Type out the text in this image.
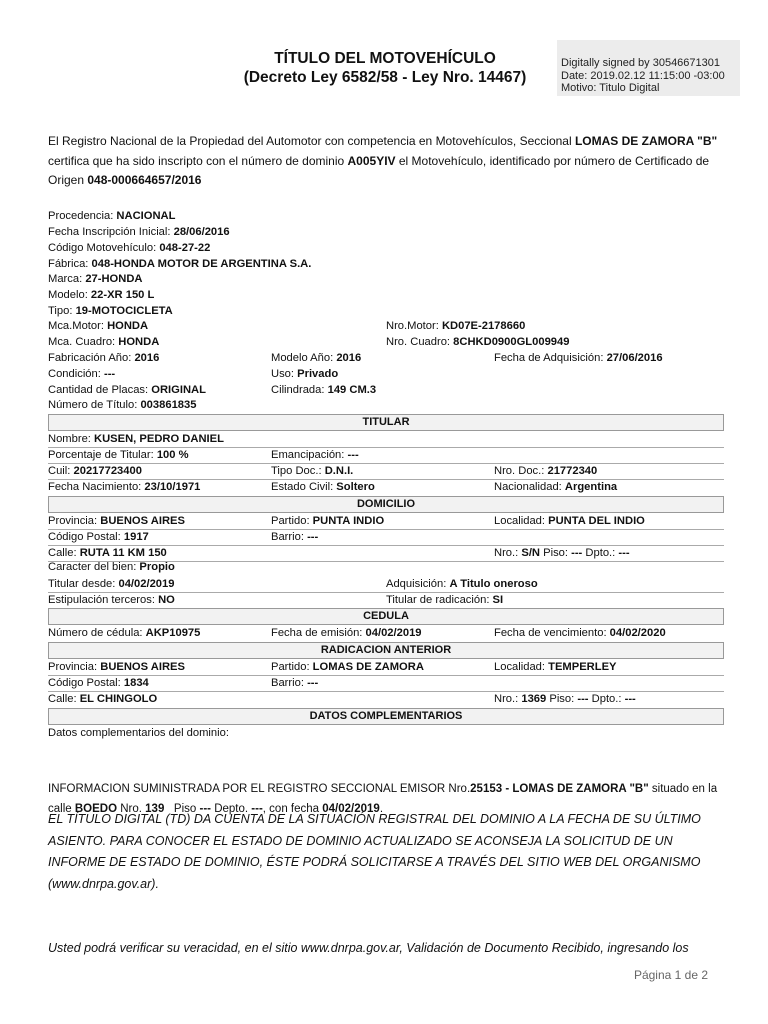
TÍTULO DEL MOTOVEHÍCULO
(Decreto Ley 6582/58 - Ley Nro. 14467)
Digitally signed by 30546671301
Date: 2019.02.12 11:15:00 -03:00
Motivo: Titulo Digital
El Registro Nacional de la Propiedad del Automotor con competencia en Motovehículos, Seccional LOMAS DE ZAMORA "B" certifica que ha sido inscripto con el número de dominio A005YIV el Motovehículo, identificado por número de Certificado de Origen 048-000664657/2016
Procedencia: NACIONAL
Fecha Inscripción Inicial: 28/06/2016
Código Motovehículo: 048-27-22
Fábrica: 048-HONDA MOTOR DE ARGENTINA S.A.
Marca: 27-HONDA
Modelo: 22-XR 150 L
Tipo: 19-MOTOCICLETA
Mca.Motor: HONDA	Nro.Motor: KD07E-2178660
Mca. Cuadro: HONDA	Nro. Cuadro: 8CHKD0900GL009949
Fabricación Año: 2016	Modelo Año: 2016	Fecha de Adquisición: 27/06/2016
Condición: ---	Uso: Privado
Cantidad de Placas: ORIGINAL	Cilindrada: 149 CM.3
Número de Título: 003861835
TITULAR
Nombre: KUSEN, PEDRO DANIEL
Porcentaje de Titular: 100 %	Emancipación: ---
Cuil: 20217723400	Tipo Doc.: D.N.I.	Nro. Doc.: 21772340
Fecha Nacimiento: 23/10/1971	Estado Civil: Soltero	Nacionalidad: Argentina
DOMICILIO
Provincia: BUENOS AIRES	Partido: PUNTA INDIO	Localidad: PUNTA DEL INDIO
Código Postal: 1917	Barrio: ---
Calle: RUTA 11 KM 150	Nro.: S/N Piso: --- Dpto.: ---
Caracter del bien: Propio
Titular desde: 04/02/2019	Adquisición: A Titulo oneroso
Estipulación terceros: NO	Titular de radicación: SI
CEDULA
Número de cédula: AKP10975	Fecha de emisión: 04/02/2019	Fecha de vencimiento: 04/02/2020
RADICACION ANTERIOR
Provincia: BUENOS AIRES	Partido: LOMAS DE ZAMORA	Localidad: TEMPERLEY
Código Postal: 1834	Barrio: ---
Calle: EL CHINGOLO	Nro.: 1369 Piso: --- Dpto.: ---
DATOS COMPLEMENTARIOS
Datos complementarios del dominio:
INFORMACION SUMINISTRADA POR EL REGISTRO SECCIONAL EMISOR Nro.25153 - LOMAS DE ZAMORA "B" situado en la calle BOEDO Nro. 139   Piso --- Depto. ---, con fecha 04/02/2019.
EL TÍTULO DIGITAL (TD) DA CUENTA DE LA SITUACIÓN REGISTRAL DEL DOMINIO A LA FECHA DE SU ÚLTIMO ASIENTO. PARA CONOCER EL ESTADO DE DOMINIO ACTUALIZADO SE ACONSEJA LA SOLICITUD DE UN INFORME DE ESTADO DE DOMINIO, ÉSTE PODRÁ SOLICITARSE A TRAVÉS DEL SITIO WEB DEL ORGANISMO (www.dnrpa.gov.ar).
Usted podrá verificar su veracidad, en el sitio www.dnrpa.gov.ar, Validación de Documento Recibido, ingresando los
Página 1 de 2
